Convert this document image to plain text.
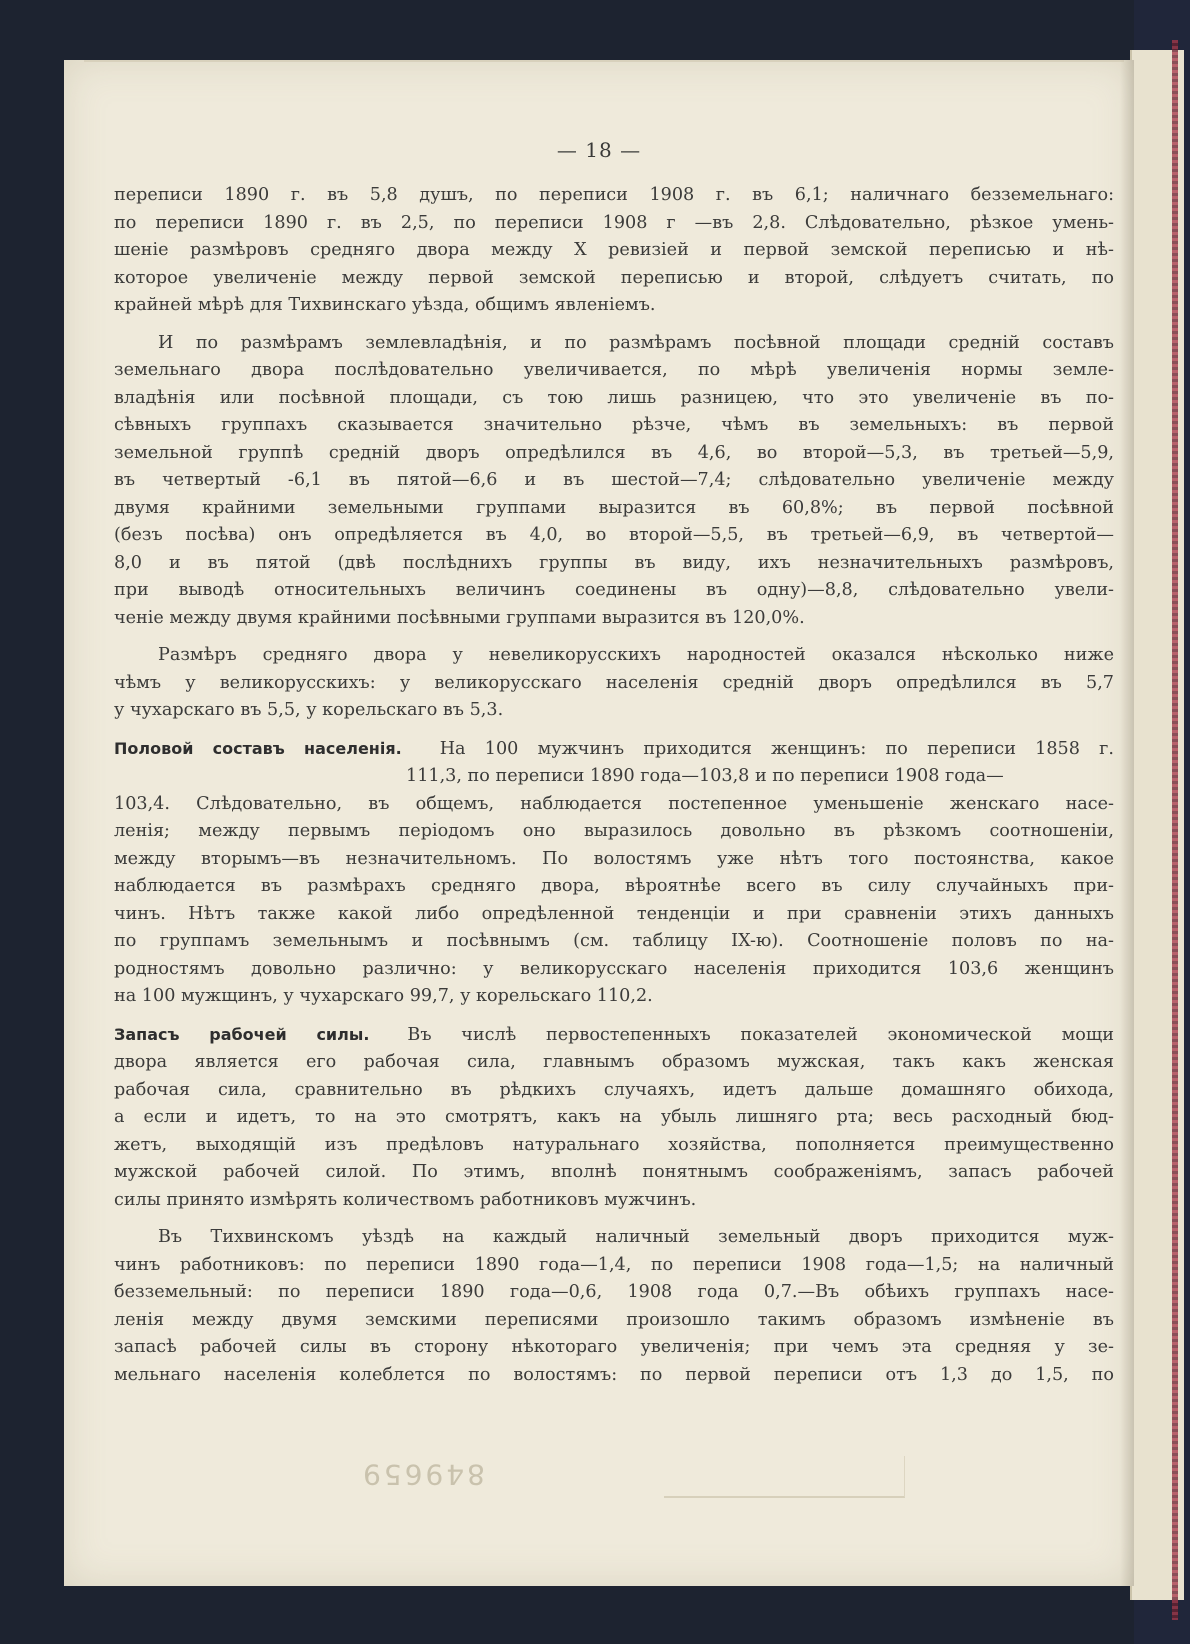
— 18 —

переписи 1890 г. въ 5,8 душъ, по переписи 1908 г. въ 6,1; наличнаго безземельнаго:
по переписи 1890 г. въ 2,5, по переписи 1908 г —въ 2,8. Слѣдовательно, рѣзкое умень-
шеніе размѣровъ средняго двора между X ревизіей и первой земской переписью и нѣ-
которое увеличеніе между первой земской переписью и второй, слѣдуетъ считать, по
крайней мѣрѣ для Тихвинскаго уѣзда, общимъ явленіемъ.

И по размѣрамъ землевладѣнія, и по размѣрамъ посѣвной площади средній составъ
земельнаго двора послѣдовательно увеличивается, по мѣрѣ увеличенія нормы земле-
владѣнія или посѣвной площади, съ тою лишь разницею, что это увеличеніе въ по-
сѣвныхъ группахъ сказывается значительно рѣзче, чѣмъ въ земельныхъ: въ первой
земельной группѣ средній дворъ опредѣлился въ 4,6, во второй—5,3, въ третьей—5,9,
въ четвертый -6,1 въ пятой—6,6 и въ шестой—7,4; слѣдовательно увеличеніе между
двумя крайними земельными группами выразится въ 60,8%; въ первой посѣвной
(безъ посѣва) онъ опредѣляется въ 4,0, во второй—5,5, въ третьей—6,9, въ четвертой—
8,0 и въ пятой (двѣ послѣднихъ группы въ виду, ихъ незначительныхъ размѣровъ,
при выводѣ относительныхъ величинъ соединены въ одну)—8,8, слѣдовательно увели-
ченіе между двумя крайними посѣвными группами выразится въ 120,0%.

Размѣръ средняго двора у невеликорусскихъ народностей оказался нѣсколько ниже
чѣмъ у великорусскихъ: у великорусскаго населенія средній дворъ опредѣлился въ 5,7
у чухарскаго въ 5,5, у корельскаго въ 5,3.

Половой составъ населенія. На 100 мужчинъ приходится женщинъ: по переписи 1858 г.
111,3, по переписи 1890 года—103,8 и по переписи 1908 года—
103,4. Слѣдовательно, въ общемъ, наблюдается постепенное уменьшеніе женскаго насе-
ленія; между первымъ періодомъ оно выразилось довольно въ рѣзкомъ соотношеніи,
между вторымъ—въ незначительномъ. По волостямъ уже нѣтъ того постоянства, какое
наблюдается въ размѣрахъ средняго двора, вѣроятнѣе всего въ силу случайныхъ при-
чинъ. Нѣтъ также какой либо опредѣленной тенденціи и при сравненіи этихъ данныхъ
по группамъ земельнымъ и посѣвнымъ (см. таблицу IX-ю). Соотношеніе половъ по на-
родностямъ довольно различно: у великорусскаго населенія приходится 103,6 женщинъ
на 100 мужщинъ, у чухарскаго 99,7, у корельскаго 110,2.

Запасъ рабочей силы. Въ числѣ первостепенныхъ показателей экономической мощи
двора является его рабочая сила, главнымъ образомъ мужская, такъ какъ женская
рабочая сила, сравнительно въ рѣдкихъ случаяхъ, идетъ дальше домашняго обихода,
а если и идетъ, то на это смотрятъ, какъ на убыль лишняго рта; весь расходный бюд-
жетъ, выходящій изъ предѣловъ натуральнаго хозяйства, пополняется преимущественно
мужской рабочей силой. По этимъ, вполнѣ понятнымъ соображеніямъ, запасъ рабочей
силы принято измѣрять количествомъ работниковъ мужчинъ.

Въ Тихвинскомъ уѣздѣ на каждый наличный земельный дворъ приходится муж-
чинъ работниковъ: по переписи 1890 года—1,4, по переписи 1908 года—1,5; на наличный
безземельный: по переписи 1890 года—0,6, 1908 года 0,7.—Въ обѣихъ группахъ насе-
ленія между двумя земскими переписями произошло такимъ образомъ измѣненіе въ
запасѣ рабочей силы въ сторону нѣкотораго увеличенія; при чемъ эта средняя у зе-
мельнаго населенія колеблется по волостямъ: по первой переписи отъ 1,3 до 1,5, по

849659
